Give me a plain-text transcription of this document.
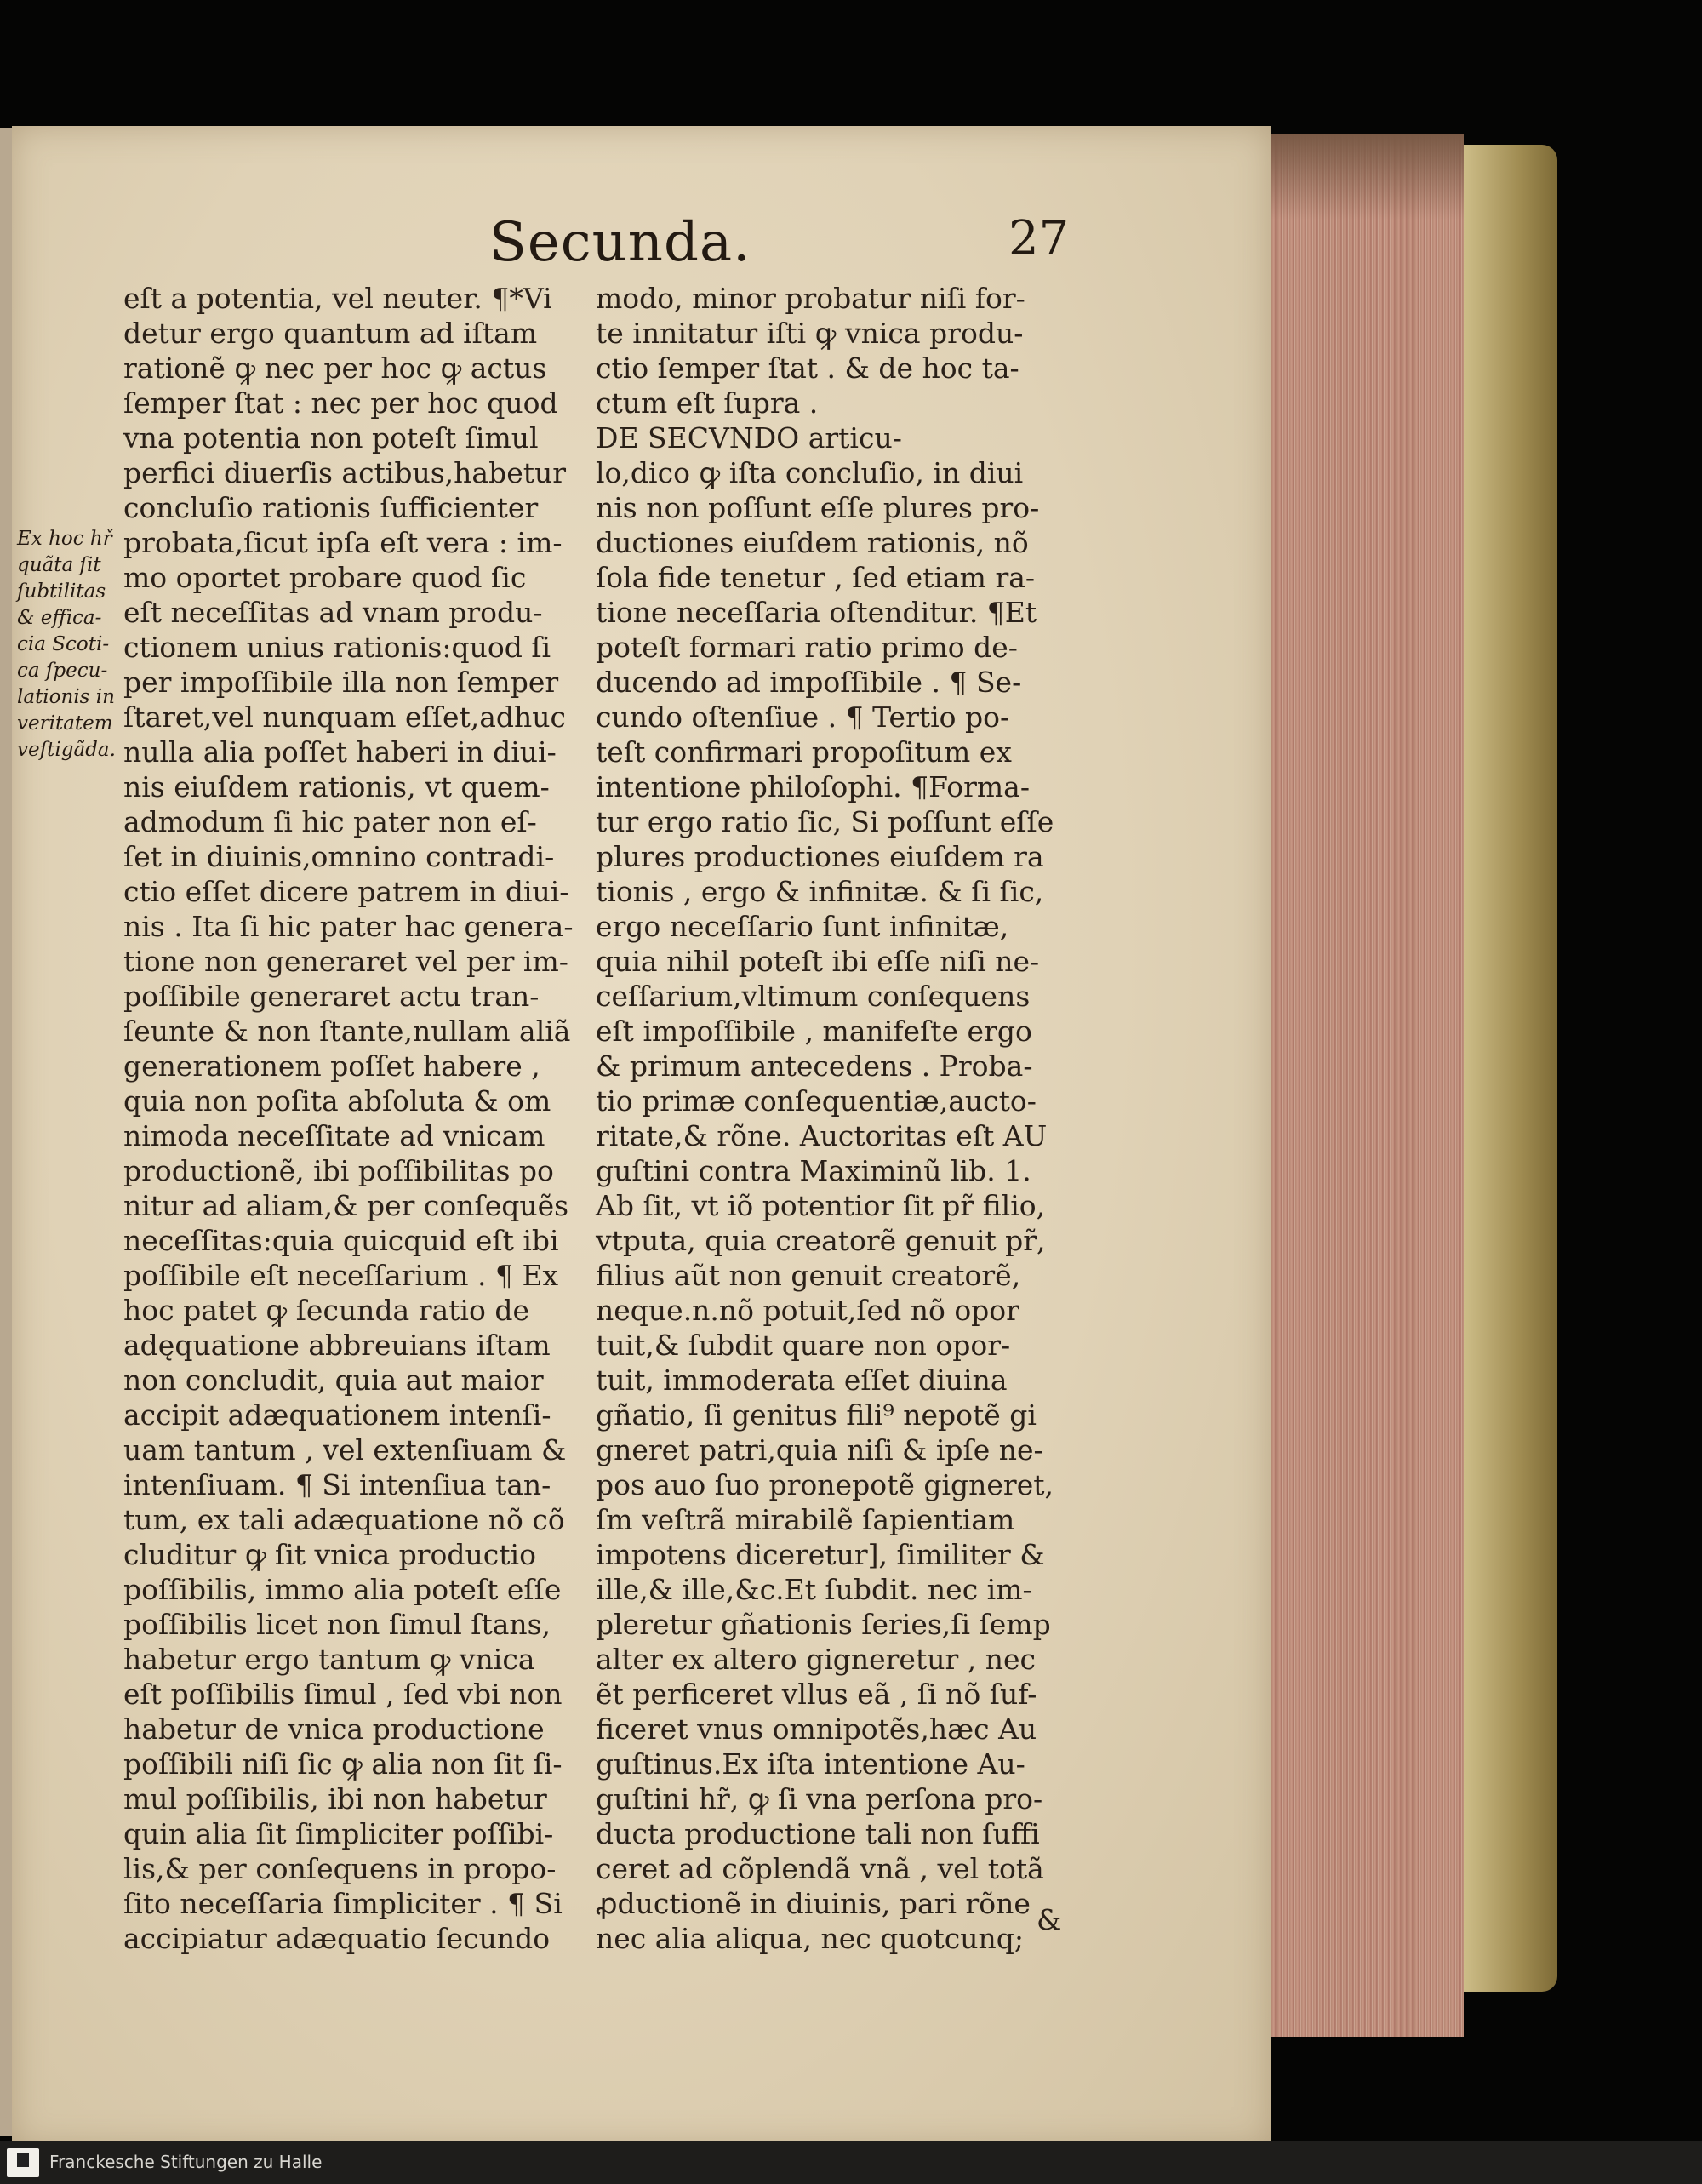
Secunda.	27
Ex hoc hř
quãta ſit
ſubtilitas
& effica-
cia Scoti-
ca ſpecu-
lationis in
veritatem
veſtigãda.
eſt a potentia, vel neuter. ¶*Vi
detur ergo quantum ad iſtam
rationẽ ꝙ nec per hoc ꝙ actus
ſemper ſtat : nec per hoc quod
vna potentia non poteſt ſimul
perfici diuerſis actibus,habetur
concluſio rationis ſufficienter
probata,ſicut ipſa eſt vera : im-
mo oportet probare quod ſic
eſt neceſſitas ad vnam produ-
ctionem unius rationis:quod ſi
per impoſſibile illa non ſemper
ſtaret,vel nunquam eſſet,adhuc
nulla alia poſſet haberi in diui-
nis eiuſdem rationis, vt quem-
admodum ſi hic pater non eſ-
ſet in diuinis,omnino contradi-
ctio eſſet dicere patrem in diui-
nis . Ita ſi hic pater hac genera-
tione non generaret vel per im-
poſſibile generaret actu tran-
ſeunte & non ſtante,nullam aliã
generationem poſſet habere ,
quia non poſita abſoluta & om
nimoda neceſſitate ad vnicam
productionẽ, ibi poſſibilitas po
nitur ad aliam,& per conſequẽs
neceſſitas:quia quicquid eſt ibi
poſſibile eſt neceſſarium . ¶ Ex
hoc patet ꝙ ſecunda ratio de
adęquatione abbreuians iſtam
non concludit, quia aut maior
accipit adæquationem intenſi-
uam tantum , vel extenſiuam &
intenſiuam. ¶ Si intenſiua tan-
tum, ex tali adæquatione nõ cõ
cluditur ꝙ ſit vnica productio
poſſibilis, immo alia poteſt eſſe
poſſibilis licet non ſimul ſtans,
habetur ergo tantum ꝙ vnica
eſt poſſibilis ſimul , ſed vbi non
habetur de vnica productione
poſſibili niſi ſic ꝙ alia non ſit ſi-
mul poſſibilis, ibi non habetur
quin alia ſit ſimpliciter poſſibi-
lis,& per conſequens in propo-
ſito neceſſaria ſimpliciter . ¶ Si
accipiatur adæquatio ſecundo
modo, minor probatur niſi for-
te innitatur iſti ꝙ vnica produ-
ctio ſemper ſtat . & de hoc ta-
ctum eſt ſupra .
DE SECVNDO articu-
lo,dico ꝙ iſta concluſio, in diui
nis non poſſunt eſſe plures pro-
ductiones eiuſdem rationis, nõ
ſola fide tenetur , ſed etiam ra-
tione neceſſaria oſtenditur. ¶Et
poteſt formari ratio primo de-
ducendo ad impoſſibile . ¶ Se-
cundo oſtenſiue . ¶ Tertio po-
teſt confirmari propoſitum ex
intentione philoſophi. ¶Forma-
tur ergo ratio ſic, Si poſſunt eſſe
plures productiones eiuſdem ra
tionis , ergo & infinitæ. & ſi ſic,
ergo neceſſario ſunt infinitæ,
quia nihil poteſt ibi eſſe niſi ne-
ceſſarium,vltimum conſequens
eſt impoſſibile , manifeſte ergo
& primum antecedens . Proba-
tio primæ conſequentiæ,aucto-
ritate,& rõne. Auctoritas eſt AU
guſtini contra Maximinũ lib. 1.
Ab ſit, vt iõ potentior ſit pr̃ filio,
vtputa, quia creatorẽ genuit pr̃,
filius aũt non genuit creatorẽ,
neque.n.nõ potuit,ſed nõ opor
tuit,& ſubdit quare non opor-
tuit, immoderata eſſet diuina
gñatio, ſi genitus fili⁹ nepotẽ gi
gneret patri,quia niſi & ipſe ne-
pos auo ſuo pronepotẽ gigneret,
ſm veſtrã mirabilẽ ſapientiam
impotens diceretur], ſimiliter &
ille,& ille,&c.Et ſubdit. nec im-
pleretur gñationis ſeries,ſi ſemp
alter ex altero gigneretur , nec
ẽt perficeret vllus eã , ſi nõ ſuf-
ficeret vnus omnipotẽs,hæc Au
guſtinus.Ex iſta intentione Au-
guſtini hr̃, ꝙ ſi vna perſona pro-
ducta productione tali non ſuffi
ceret ad cõplendã vnã , vel totã
ꝓductionẽ in diuinis, pari rõne
nec alia aliqua, nec quotcunq;
&
Franckesche Stiftungen zu Halle
